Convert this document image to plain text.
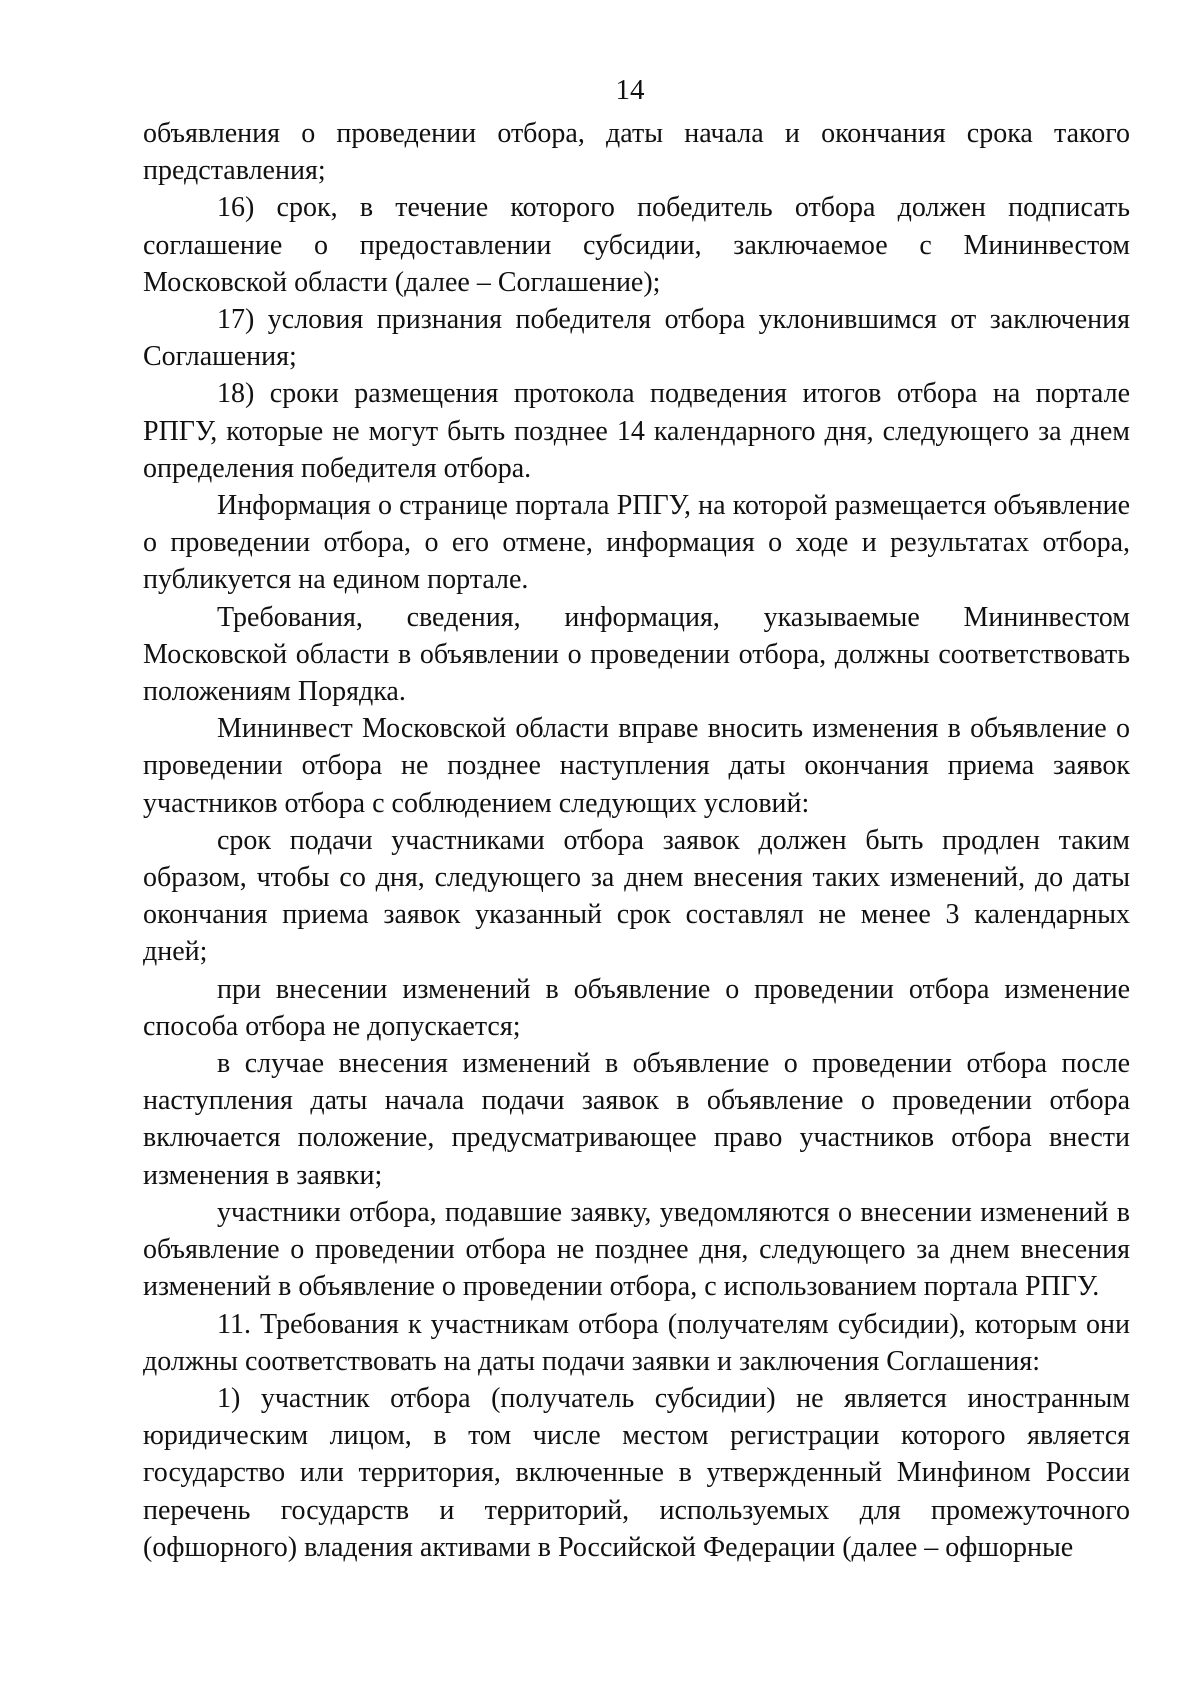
14

объявления о проведении отбора, даты начала и окончания срока такого представления;

16) срок, в течение которого победитель отбора должен подписать соглашение о предоставлении субсидии, заключаемое с Мининвестом Московской области (далее – Соглашение);

17) условия признания победителя отбора уклонившимся от заключения Соглашения;

18) сроки размещения протокола подведения итогов отбора на портале РПГУ, которые не могут быть позднее 14 календарного дня, следующего за днем определения победителя отбора.

Информация о странице портала РПГУ, на которой размещается объявление о проведении отбора, о его отмене, информация о ходе и результатах отбора, публикуется на едином портале.

Требования, сведения, информация, указываемые Мининвестом Московской области в объявлении о проведении отбора, должны соответствовать положениям Порядка.

Мининвест Московской области вправе вносить изменения в объявление о проведении отбора не позднее наступления даты окончания приема заявок участников отбора с соблюдением следующих условий:

срок подачи участниками отбора заявок должен быть продлен таким образом, чтобы со дня, следующего за днем внесения таких изменений, до даты окончания приема заявок указанный срок составлял не менее 3 календарных дней;

при внесении изменений в объявление о проведении отбора изменение способа отбора не допускается;

в случае внесения изменений в объявление о проведении отбора после наступления даты начала подачи заявок в объявление о проведении отбора включается положение, предусматривающее право участников отбора внести изменения в заявки;

участники отбора, подавшие заявку, уведомляются о внесении изменений в объявление о проведении отбора не позднее дня, следующего за днем внесения изменений в объявление о проведении отбора, с использованием портала РПГУ.

11. Требования к участникам отбора (получателям субсидии), которым они должны соответствовать на даты подачи заявки и заключения Соглашения:

1) участник отбора (получатель субсидии) не является иностранным юридическим лицом, в том числе местом регистрации которого является государство или территория, включенные в утвержденный Минфином России перечень государств и территорий, используемых для промежуточного (офшорного) владения активами в Российской Федерации (далее – офшорные
